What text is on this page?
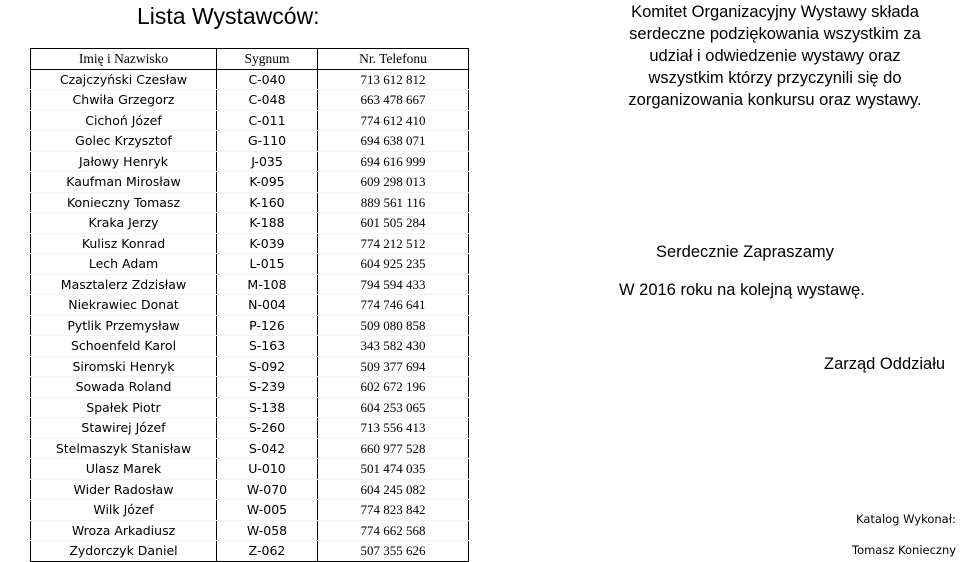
Lista Wystawców:
Imię i Nazwisko	Sygnum	Nr. Telefonu
Czajczyński Czesław	C-040	713 612 812
Chwiła Grzegorz	C-048	663 478 667
Cichoń Józef	C-011	774 612 410
Golec Krzysztof	G-110	694 638 071
Jałowy Henryk	J-035	694 616 999
Kaufman Mirosław	K-095	609 298 013
Konieczny Tomasz	K-160	889 561 116
Kraka Jerzy	K-188	601 505 284
Kulisz Konrad	K-039	774 212 512
Lech Adam	L-015	604 925 235
Masztalerz Zdzisław	M-108	794 594 433
Niekrawiec Donat	N-004	774 746 641
Pytlik Przemysław	P-126	509 080 858
Schoenfeld Karol	S-163	343 582 430
Siromski Henryk	S-092	509 377 694
Sowada Roland	S-239	602 672 196
Spałek Piotr	S-138	604 253 065
Stawirej Józef	S-260	713 556 413
Stelmaszyk Stanisław	S-042	660 977 528
Ulasz Marek	U-010	501 474 035
Wider Radosław	W-070	604 245 082
Wilk Józef	W-005	774 823 842
Wroza Arkadiusz	W-058	774 662 568
Zydorczyk Daniel	Z-062	507 355 626
Komitet Organizacyjny Wystawy składa
serdeczne podziękowania wszystkim za
udział i odwiedzenie wystawy oraz
wszystkim którzy przyczynili się do
zorganizowania konkursu oraz wystawy.
Serdecznie Zapraszamy
W 2016 roku na kolejną wystawę.
Zarząd Oddziału
Katalog Wykonał:
Tomasz Konieczny
